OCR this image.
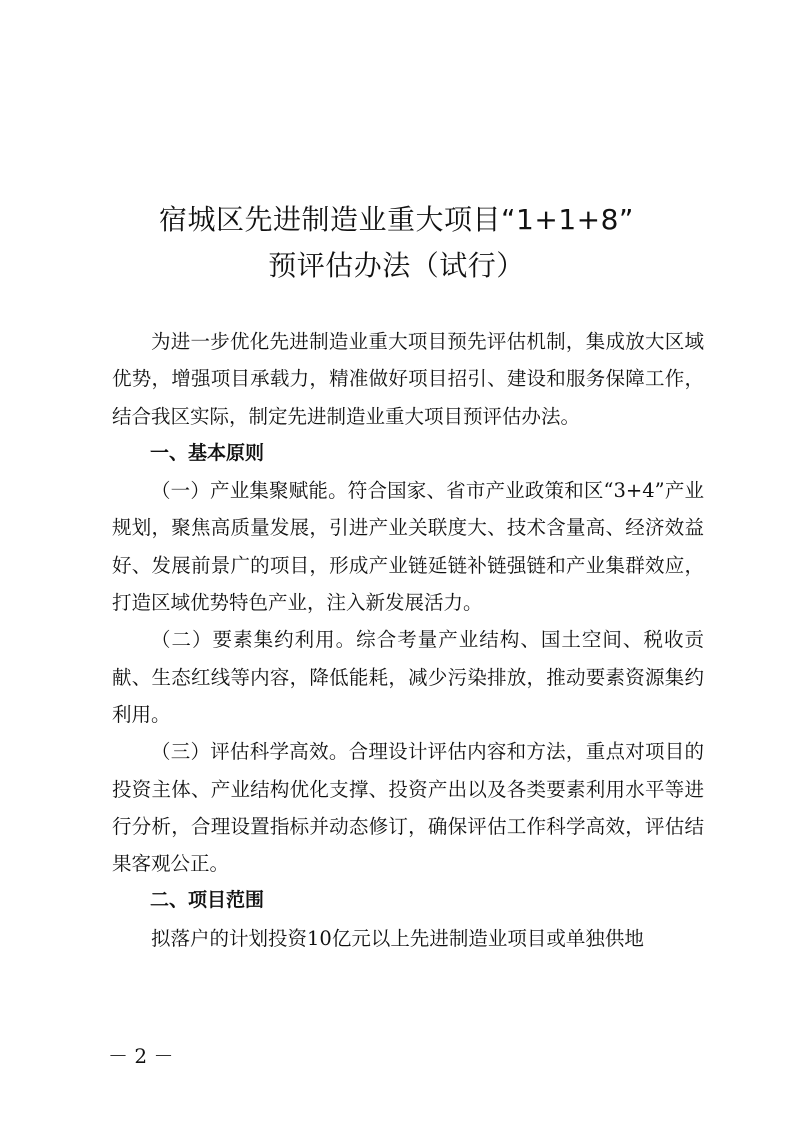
宿城区先进制造业重大项目“1+1+8”
预评估办法（试行）

为进一步优化先进制造业重大项目预先评估机制，集成放大区域优势，增强项目承载力，精准做好项目招引、建设和服务保障工作，结合我区实际，制定先进制造业重大项目预评估办法。

一、基本原则

（一）产业集聚赋能。符合国家、省市产业政策和区“3+4”产业规划，聚焦高质量发展，引进产业关联度大、技术含量高、经济效益好、发展前景广的项目，形成产业链延链补链强链和产业集群效应，打造区域优势特色产业，注入新发展活力。

（二）要素集约利用。综合考量产业结构、国土空间、税收贡献、生态红线等内容，降低能耗，减少污染排放，推动要素资源集约利用。

（三）评估科学高效。合理设计评估内容和方法，重点对项目的投资主体、产业结构优化支撑、投资产出以及各类要素利用水平等进行分析，合理设置指标并动态修订，确保评估工作科学高效，评估结果客观公正。

二、项目范围

拟落户的计划投资10亿元以上先进制造业项目或单独供地

－ 2 －
